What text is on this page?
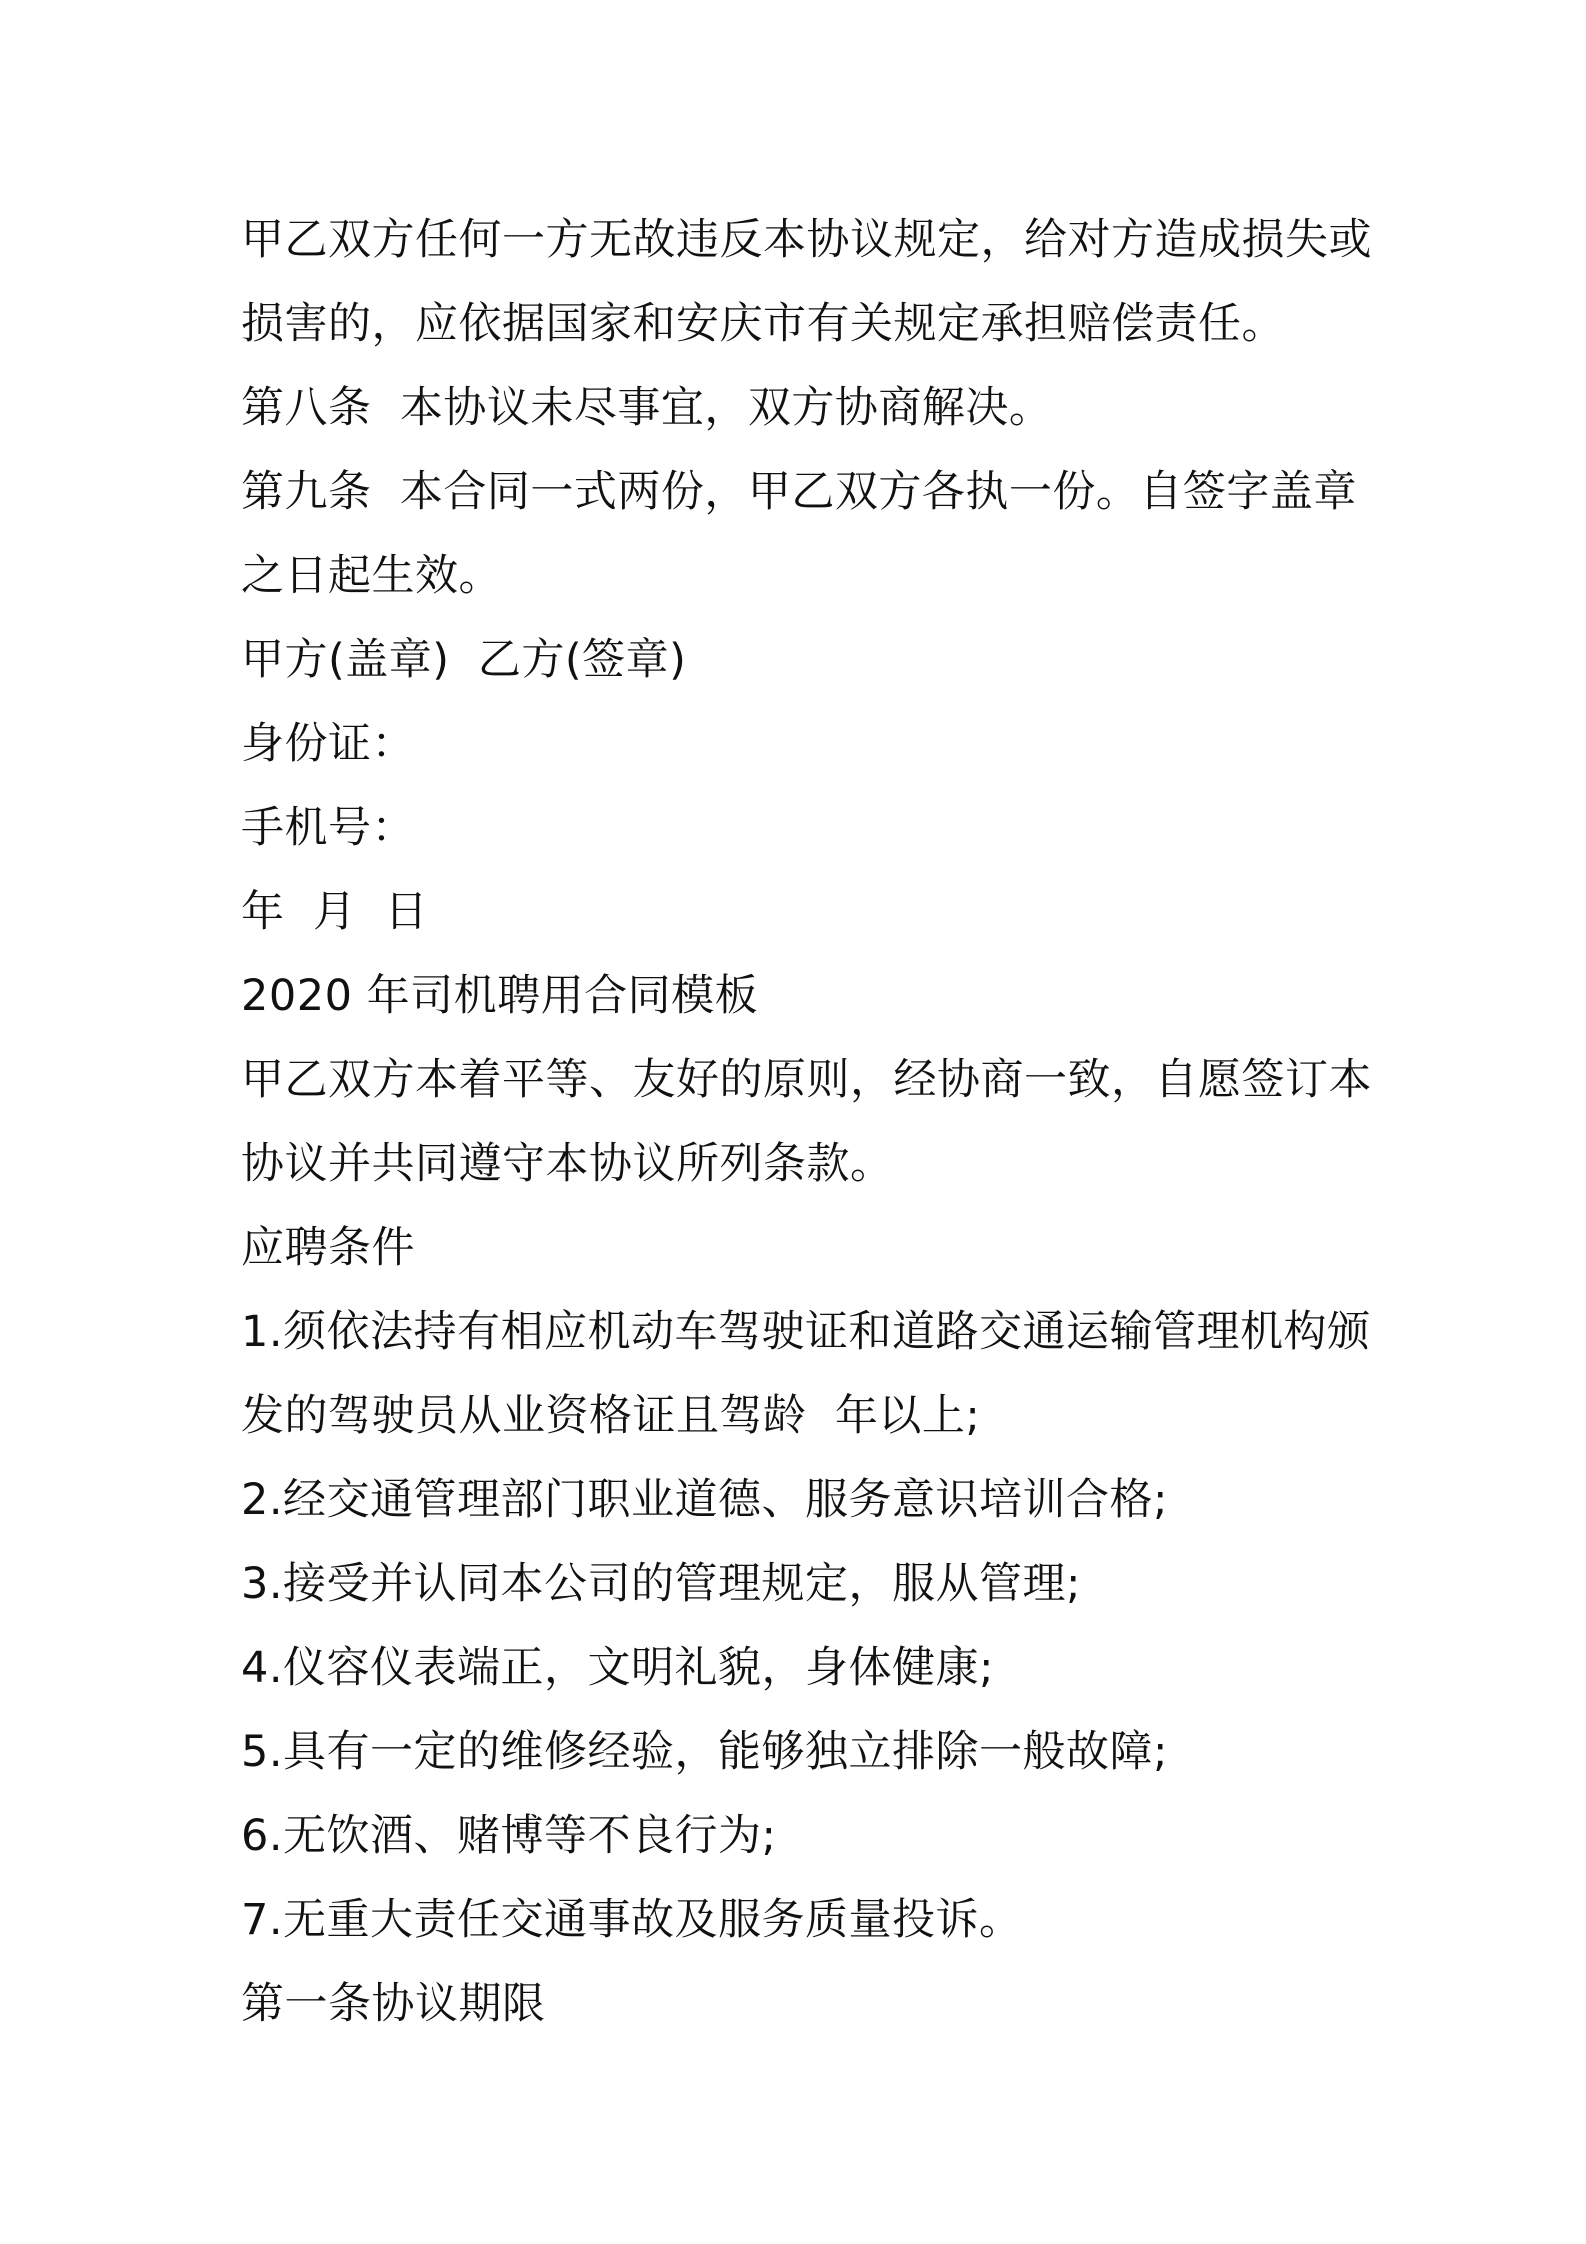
甲乙双方任何一方无故违反本协议规定，给对方造成损失或
损害的，应依据国家和安庆市有关规定承担赔偿责任。
第八条  本协议未尽事宜，双方协商解决。
第九条  本合同一式两份，甲乙双方各执一份。自签字盖章
之日起生效。
甲方(盖章)  乙方(签章)
身份证：
手机号：
年  月  日
2020 年司机聘用合同模板
甲乙双方本着平等、友好的原则，经协商一致，自愿签订本
协议并共同遵守本协议所列条款。
应聘条件
1.须依法持有相应机动车驾驶证和道路交通运输管理机构颁
发的驾驶员从业资格证且驾龄  年以上;
2.经交通管理部门职业道德、服务意识培训合格;
3.接受并认同本公司的管理规定，服从管理;
4.仪容仪表端正，文明礼貌，身体健康;
5.具有一定的维修经验，能够独立排除一般故障;
6.无饮酒、赌博等不良行为;
7.无重大责任交通事故及服务质量投诉。
第一条协议期限
